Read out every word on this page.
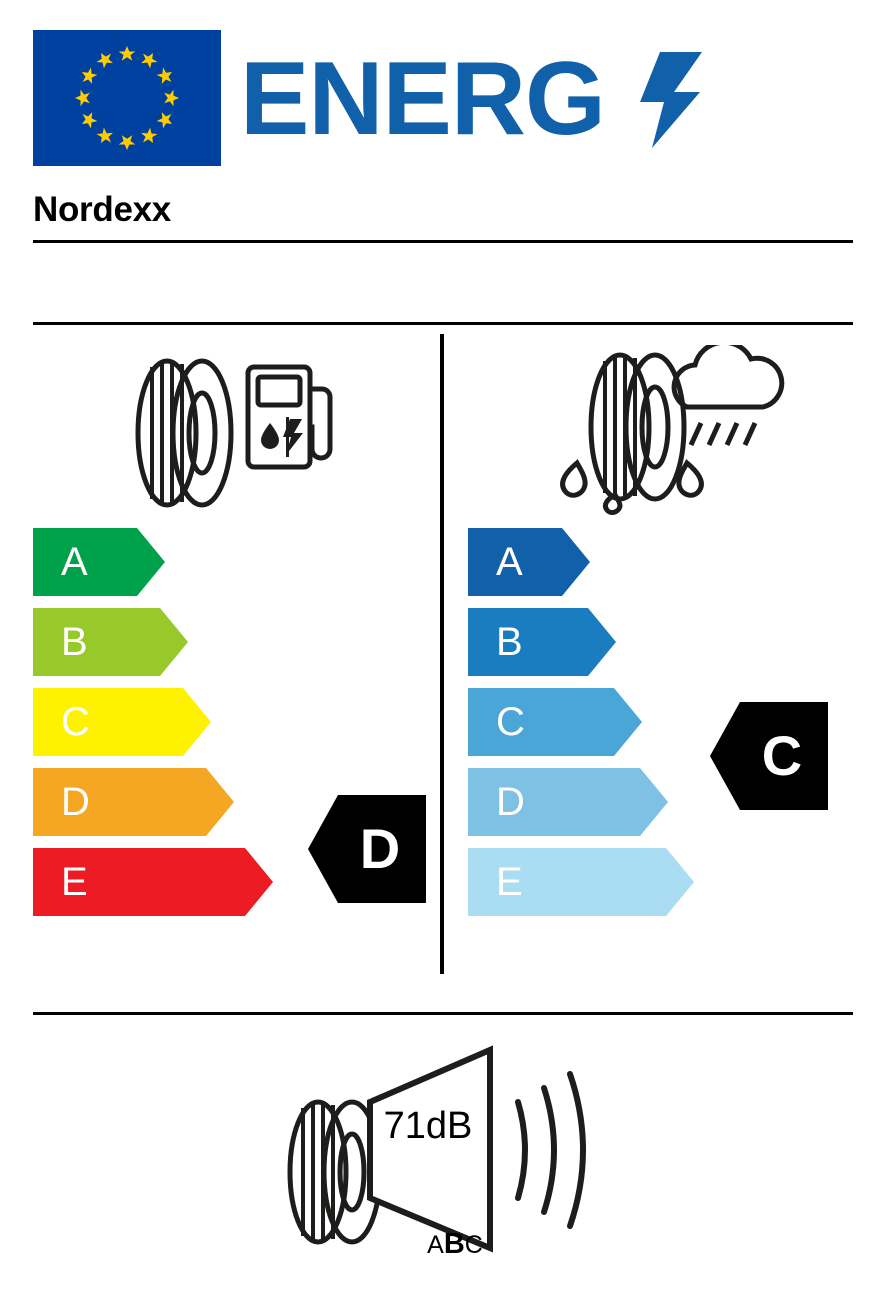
ENERG
Nordexx
A
B
C
D
E
A
B
C
D
E
D
C
71dB
ABC
